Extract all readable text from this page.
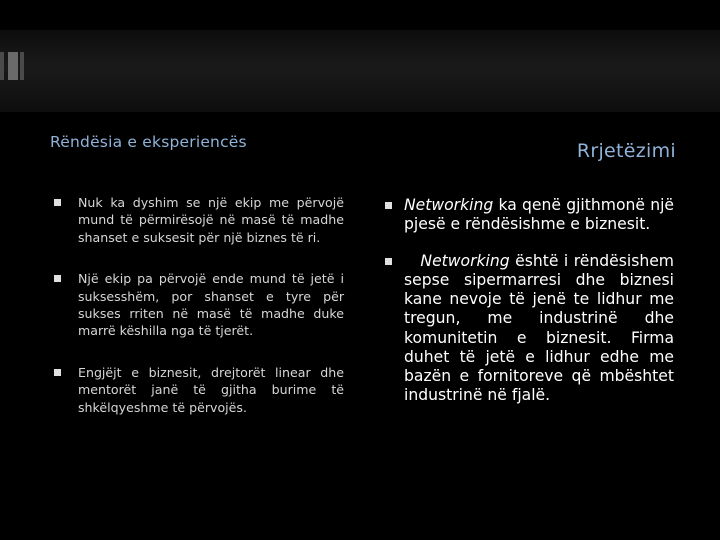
Rëndësia e eksperiencës	Rrjetëzimi
Nuk ka dyshim se një ekip me përvojë mund të përmirësojë në masë të madhe shanset e suksesit për një biznes të ri.
Një ekip pa përvojë ende mund të jetë i suksesshëm, por shanset e tyre për sukses rriten në masë të madhe duke marrë këshilla nga të tjerët.
Engjëjt e biznesit, drejtorët linear dhe mentorët janë të gjitha burime të shkëlqyeshme të përvojës.
Networking ka qenë gjithmonë një pjesë e rëndësishme e biznesit.
Networking është i rëndësishem sepse sipermarresi dhe biznesi kane nevoje të jenë te lidhur me tregun, me industrinë dhe komunitetin e biznesit. Firma duhet të jetë e lidhur edhe me bazën e fornitoreve që mbështet industrinë në fjalë.
